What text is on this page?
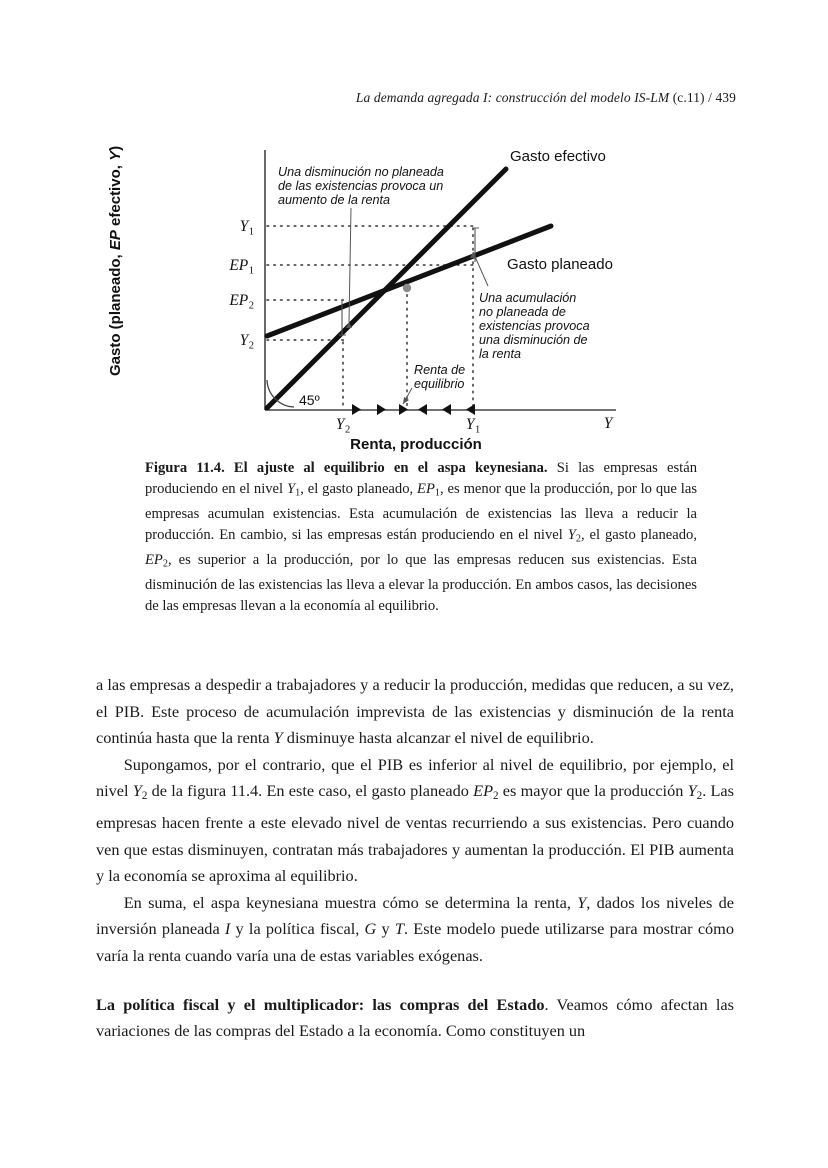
La demanda agregada I: construcción del modelo IS-LM (c.11) / 439
45º
$Y_1$
$EP_1$
$EP_2$
$Y_2$
$Y_2$	$Y_1$	Y
Gasto efectivo
Gasto planeado
Una disminución no planeada de las existencias provoca un aumento de la renta
Una acumulación no planeada de existencias provoca una disminución de la renta
Renta de equilibrio
Gasto (planeado, EP efectivo, Y)
Renta, producción
Figura 11.4. El ajuste al equilibrio en el aspa keynesiana. Si las empresas están produciendo en el nivel $Y_1$, el gasto planeado, $EP_1$, es menor que la producción, por lo que las empresas acumulan existencias. Esta acumulación de existencias las lleva a reducir la producción. En cambio, si las empresas están produciendo en el nivel $Y_2$, el gasto planeado, $EP_2$, es superior a la producción, por lo que las empresas reducen sus existencias. Esta disminución de las existencias las lleva a elevar la producción. En ambos casos, las decisiones de las empresas llevan a la economía al equilibrio.

a las empresas a despedir a trabajadores y a reducir la producción, medidas que reducen, a su vez, el PIB. Este proceso de acumulación imprevista de las existencias y disminución de la renta continúa hasta que la renta Y disminuye hasta alcanzar el nivel de equilibrio.

Supongamos, por el contrario, que el PIB es inferior al nivel de equilibrio, por ejemplo, el nivel $Y_2$ de la figura 11.4. En este caso, el gasto planeado $EP_2$ es mayor que la producción $Y_2$. Las empresas hacen frente a este elevado nivel de ventas recurriendo a sus existencias. Pero cuando ven que estas disminuyen, contratan más trabajadores y aumentan la producción. El PIB aumenta y la economía se aproxima al equilibrio.

En suma, el aspa keynesiana muestra cómo se determina la renta, Y, dados los niveles de inversión planeada I y la política fiscal, G y T. Este modelo puede utilizarse para mostrar cómo varía la renta cuando varía una de estas variables exógenas.

La política fiscal y el multiplicador: las compras del Estado. Veamos cómo afectan las variaciones de las compras del Estado a la economía. Como constituyen un
